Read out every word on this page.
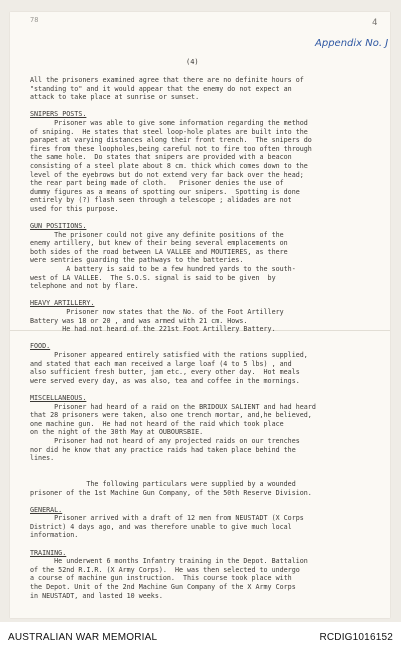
78	4
Appendix No. J
(4)
All the prisoners examined agree that there are no definite hours of
"standing to" and it would appear that the enemy do not expect an
attack to take place at sunrise or sunset.
SNIPERS POSTS.
Prisoner was able to give some information regarding the method
of sniping.  He states that steel loop-hole plates are built into the
parapet at varying distances along their front trench.  The snipers do
fires from these loopholes,being careful not to fire too often through
the same hole.  Do states that snipers are provided with a beacon
consisting of a steel plate about 8 cm. thick which comes down to the
level of the eyebrows but do not extend very far back over the head;
the rear part being made of cloth.   Prisoner denies the use of
dummy figures as a means of spotting our snipers.  Spotting is done
entirely by (?) flash seen through a telescope ; alidades are not
used for this purpose.
GUN POSITIONS.
The prisoner could not give any definite positions of the
enemy artillery, but knew of their being several emplacements on
both sides of the road between LA VALLEE and MOUTIERES, as there
were sentries guarding the pathways to the batteries.
A battery is said to be a few hundred yards to the south-
west of LA VALLEE.  The S.O.S. signal is said to be given  by
telephone and not by flare.
HEAVY ARTILLERY.
Prisoner now states that the No. of the Foot Artillery
Battery was 18 or 20 , and was armed with 21 cm. Hows.
He had not heard of the 221st Foot Artillery Battery.
FOOD.
Prisoner appeared entirely satisfied with the rations supplied,
and stated that each man received a large loaf (4 to 5 lbs) , and
also sufficient fresh butter, jam etc., every other day.  Hot meals
were served every day, as was also, tea and coffee in the mornings.
MISCELLANEOUS.
Prisoner had heard of a raid on the BRIDOUX SALIENT and had heard
that 28 prisoners were taken, also one trench mortar, and,he believed,
one machine gun.  He had not heard of the raid which took place
on the night of the 30th May at OUBOURSBIE.
Prisoner had not heard of any projected raids on our trenches
nor did he know that any practice raids had taken place behind the
lines.
The following particulars were supplied by a wounded
prisoner of the 1st Machine Gun Company, of the 50th Reserve Division.
GENERAL.
Prisoner arrived with a draft of 12 men from NEUSTADT (X Corps
District) 4 days ago, and was therefore unable to give much local
information.
TRAINING.
He underwent 6 months Infantry training in the Depot. Battalion
of the 52nd R.I.R. (X Army Corps).  He was then selected to undergo
a course of machine gun instruction.  This course took place with
the Depot. Unit of the 2nd Machine Gun Company of the X Army Corps
in NEUSTADT, and lasted 10 weeks.
AUSTRALIAN WAR MEMORIAL	RCDIG1016152
